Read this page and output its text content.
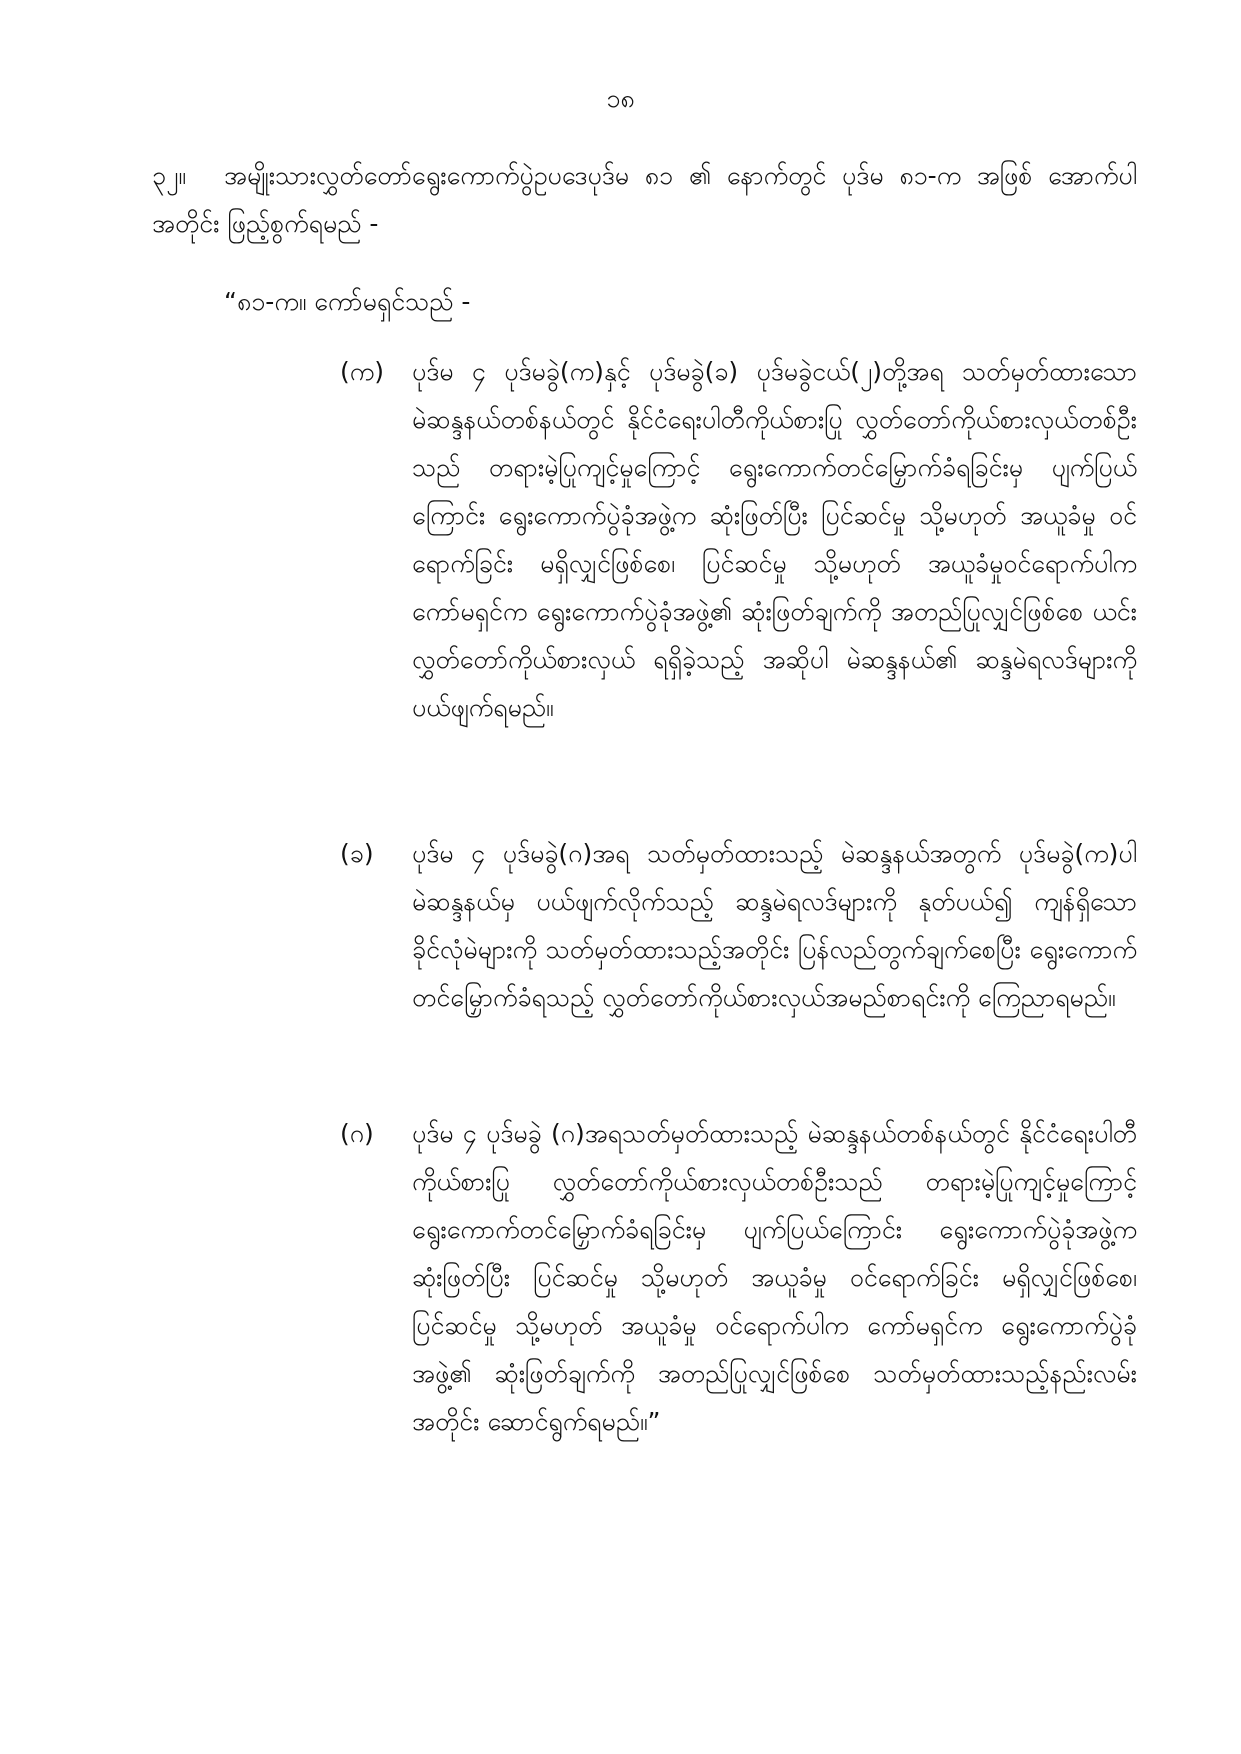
၁၈
၃၂။ အမျိုးသားလွှတ်တော်ရွေးကောက်ပွဲဥပဒေပုဒ်မ ၈၁ ၏ နောက်တွင် ပုဒ်မ ၈၁-က အဖြစ် အောက်ပါအတိုင်း ဖြည့်စွက်ရမည် -
“၈၁-က။ ကော်မရှင်သည် -
(က)	ပုဒ်မ ၄ ပုဒ်မခွဲ(က)နှင့် ပုဒ်မခွဲ(ခ) ပုဒ်မခွဲငယ်(၂)တို့အရ သတ်မှတ်ထားသော မဲဆန္ဒနယ်တစ်နယ်တွင် နိုင်ငံရေးပါတီကိုယ်စားပြု လွှတ်တော်ကိုယ်စားလှယ်တစ်ဦးသည် တရားမဲ့ပြုကျင့်မှုကြောင့် ရွေးကောက်တင်မြှောက်ခံရခြင်းမှ ပျက်ပြယ်ကြောင်း ရွေးကောက်ပွဲခုံအဖွဲ့က ဆုံးဖြတ်ပြီး ပြင်ဆင်မှု သို့မဟုတ် အယူခံမှု ဝင်ရောက်ခြင်း မရှိလျှင်ဖြစ်စေ၊ ပြင်ဆင်မှု သို့မဟုတ် အယူခံမှုဝင်ရောက်ပါက ကော်မရှင်က ရွေးကောက်ပွဲခုံအဖွဲ့၏ ဆုံးဖြတ်ချက်ကို အတည်ပြုလျှင်ဖြစ်စေ ယင်းလွှတ်တော်ကိုယ်စားလှယ် ရရှိခဲ့သည့် အဆိုပါ မဲဆန္ဒနယ်၏ ဆန္ဒမဲရလဒ်များကို ပယ်ဖျက်ရမည်။
(ခ)	ပုဒ်မ ၄ ပုဒ်မခွဲ(ဂ)အရ သတ်မှတ်ထားသည့် မဲဆန္ဒနယ်အတွက် ပုဒ်မခွဲ(က)ပါ မဲဆန္ဒနယ်မှ ပယ်ဖျက်လိုက်သည့် ဆန္ဒမဲရလဒ်များကို နုတ်ပယ်၍ ကျန်ရှိသော ခိုင်လုံမဲများကို သတ်မှတ်ထားသည့်အတိုင်း ပြန်လည်တွက်ချက်စေပြီး ရွေးကောက်တင်မြှောက်ခံရသည့် လွှတ်တော်ကိုယ်စားလှယ်အမည်စာရင်းကို ကြေညာရမည်။
(ဂ)	ပုဒ်မ ၄ ပုဒ်မခွဲ (ဂ)အရသတ်မှတ်ထားသည့် မဲဆန္ဒနယ်တစ်နယ်တွင် နိုင်ငံရေးပါတီကိုယ်စားပြု လွှတ်တော်ကိုယ်စားလှယ်တစ်ဦးသည် တရားမဲ့ပြုကျင့်မှုကြောင့် ရွေးကောက်တင်မြှောက်ခံရခြင်းမှ ပျက်ပြယ်ကြောင်း ရွေးကောက်ပွဲခုံအဖွဲ့က ဆုံးဖြတ်ပြီး ပြင်ဆင်မှု သို့မဟုတ် အယူခံမှု ဝင်ရောက်ခြင်း မရှိလျှင်ဖြစ်စေ၊ ပြင်ဆင်မှု သို့မဟုတ် အယူခံမှု ဝင်ရောက်ပါက ကော်မရှင်က ရွေးကောက်ပွဲခုံအဖွဲ့၏ ဆုံးဖြတ်ချက်ကို အတည်ပြုလျှင်ဖြစ်စေ သတ်မှတ်ထားသည့်နည်းလမ်းအတိုင်း ဆောင်ရွက်ရမည်။”
